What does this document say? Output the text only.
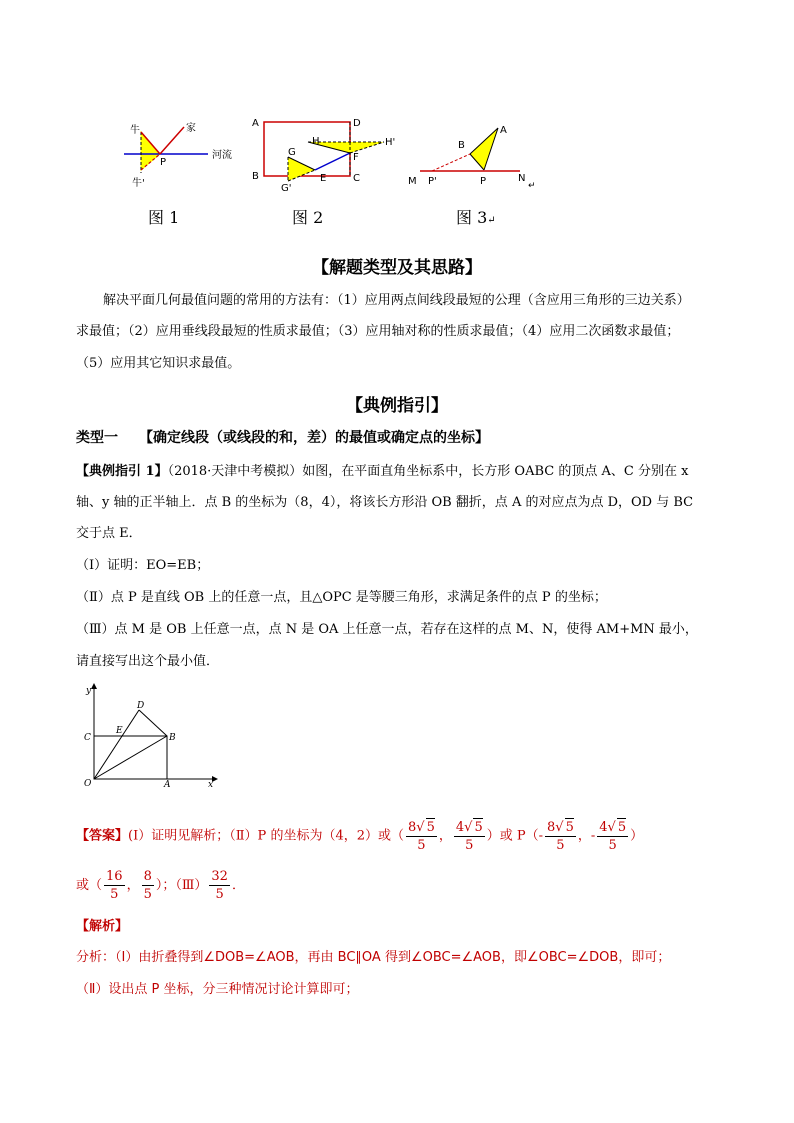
牛	家
P
河流
牛'
图 1
A	D
H	H'
G	F
B
G'
E	C
图 2
A
B
M P'	P	N
↵
图 3↵
【解题类型及其思路】
解决平面几何最值问题的常用的方法有：（1）应用两点间线段最短的公理（含应用三角形的三边关系）
求最值；（2）应用垂线段最短的性质求最值；（3）应用轴对称的性质求最值；（4）应用二次函数求最值；
（5）应用其它知识求最值。
【典例指引】
类型一　　【确定线段（或线段的和，差）的最值或确定点的坐标】
【典例指引 1】（2018·天津中考模拟）如图，在平面直角坐标系中，长方形 OABC 的顶点 A、C 分别在 x
轴、y 轴的正半轴上．点 B 的坐标为（8，4），将该长方形沿 OB 翻折，点 A 的对应点为点 D，OD 与 BC
交于点 E．
（I）证明：EO=EB；
（Ⅱ）点 P 是直线 OB 上的任意一点，且△OPC 是等腰三角形，求满足条件的点 P 的坐标；
（Ⅲ）点 M 是 OB 上任意一点，点 N 是 OA 上任意一点，若存在这样的点 M、N，使得 AM+MN 最小，
请直接写出这个最小值．
y
D
C
E
B
O	A	x
【答案】(I）证明见解析；（Ⅱ）P 的坐标为（4，2）或（ $\frac{8√ 5}{5}$ ， $\frac{4√ 5}{5}$ ）或 $P(- \frac{8√ 5}{5}$ ，- $\frac{4√ 5}{5}$ ）
或（ $\frac{16}{5}$ ， $\frac{8}{5}$ ）；（Ⅲ） $\frac{32}{5}$ ．
【解析】
分析：（Ⅰ）由折叠得到∠DOB=∠AOB，再由 BC∥OA 得到∠OBC=∠AOB，即∠OBC=∠DOB，即可；
（Ⅱ）设出点 P 坐标，分三种情况讨论计算即可；
